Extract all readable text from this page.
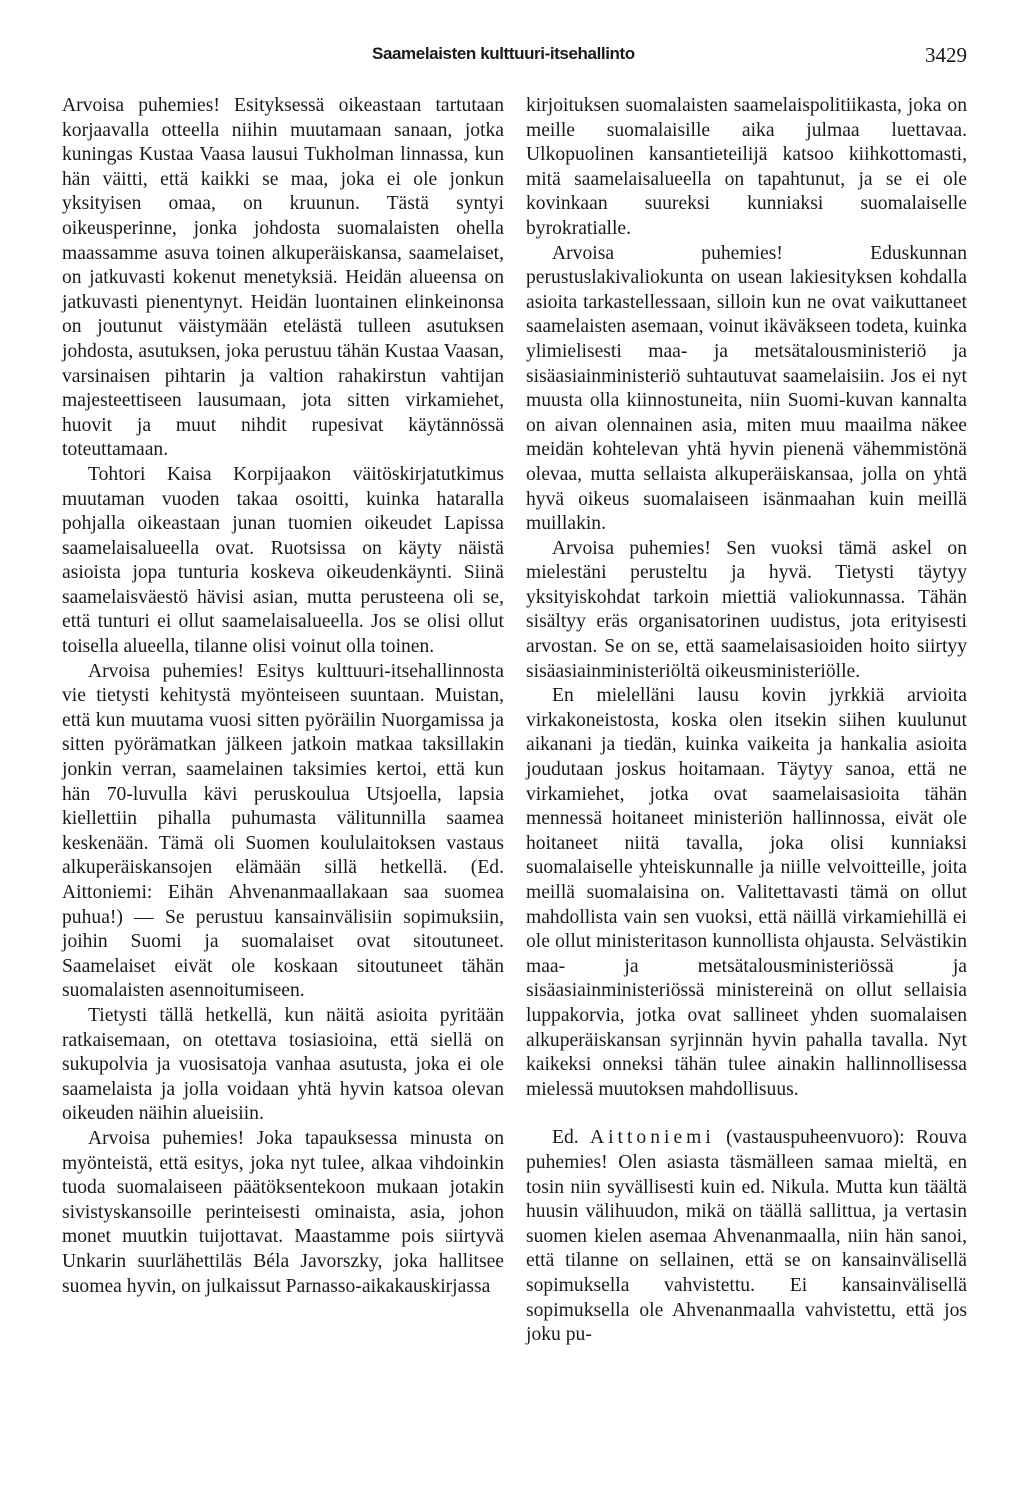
Saamelaisten kulttuuri-itsehallinto	3429

Arvoisa puhemies! Esityksessä oikeastaan tartutaan korjaavalla otteella niihin muutamaan sanaan, jotka kuningas Kustaa Vaasa lausui Tukholman linnassa, kun hän väitti, että kaikki se maa, joka ei ole jonkun yksityisen omaa, on kruunun. Tästä syntyi oikeusperinne, jonka johdosta suomalaisten ohella maassamme asuva toinen alkuperäiskansa, saamelaiset, on jatkuvasti kokenut menetyksiä. Heidän alueensa on jatkuvasti pienentynyt. Heidän luontainen elinkeinonsa on joutunut väistymään etelästä tulleen asutuksen johdosta, asutuksen, joka perustuu tähän Kustaa Vaasan, varsinaisen pihtarin ja valtion rahakirstun vahtijan majesteettiseen lausumaan, jota sitten virkamiehet, huovit ja muut nihdit rupesivat käytännössä toteuttamaan.

Tohtori Kaisa Korpijaakon väitöskirjatutkimus muutaman vuoden takaa osoitti, kuinka hataralla pohjalla oikeastaan junan tuomien oikeudet Lapissa saamelaisalueella ovat. Ruotsissa on käyty näistä asioista jopa tunturia koskeva oikeudenkäynti. Siinä saamelaisväestö hävisi asian, mutta perusteena oli se, että tunturi ei ollut saamelaisalueella. Jos se olisi ollut toisella alueella, tilanne olisi voinut olla toinen.

Arvoisa puhemies! Esitys kulttuuri-itsehallinnosta vie tietysti kehitystä myönteiseen suuntaan. Muistan, että kun muutama vuosi sitten pyöräilin Nuorgamissa ja sitten pyörämatkan jälkeen jatkoin matkaa taksillakin jonkin verran, saamelainen taksimies kertoi, että kun hän 70-luvulla kävi peruskoulua Utsjoella, lapsia kiellettiin pihalla puhumasta välitunnilla saamea keskenään. Tämä oli Suomen koululaitoksen vastaus alkuperäiskansojen elämään sillä hetkellä. (Ed. Aittoniemi: Eihän Ahvenanmaallakaan saa suomea puhua!) — Se perustuu kansainvälisiin sopimuksiin, joihin Suomi ja suomalaiset ovat sitoutuneet. Saamelaiset eivät ole koskaan sitoutuneet tähän suomalaisten asennoitumiseen.

Tietysti tällä hetkellä, kun näitä asioita pyritään ratkaisemaan, on otettava tosiasioina, että siellä on sukupolvia ja vuosisatoja vanhaa asutusta, joka ei ole saamelaista ja jolla voidaan yhtä hyvin katsoa olevan oikeuden näihin alueisiin.

Arvoisa puhemies! Joka tapauksessa minusta on myönteistä, että esitys, joka nyt tulee, alkaa vihdoinkin tuoda suomalaiseen päätöksentekoon mukaan jotakin sivistyskansoille perinteisesti ominaista, asia, johon monet muutkin tuijottavat. Maastamme pois siirtyvä Unkarin suurlähettiläs Béla Javorszky, joka hallitsee suomea hyvin, on julkaissut Parnasso-aikakauskirjassa

kirjoituksen suomalaisten saamelaispolitiikasta, joka on meille suomalaisille aika julmaa luettavaa. Ulkopuolinen kansantieteilijä katsoo kiihkottomasti, mitä saamelaisalueella on tapahtunut, ja se ei ole kovinkaan suureksi kunniaksi suomalaiselle byrokratialle.

Arvoisa puhemies! Eduskunnan perustuslakivaliokunta on usean lakiesityksen kohdalla asioita tarkastellessaan, silloin kun ne ovat vaikuttaneet saamelaisten asemaan, voinut ikäväkseen todeta, kuinka ylimielisesti maa- ja metsätalousministeriö ja sisäasiainministeriö suhtautuvat saamelaisiin. Jos ei nyt muusta olla kiinnostuneita, niin Suomi-kuvan kannalta on aivan olennainen asia, miten muu maailma näkee meidän kohtelevan yhtä hyvin pienenä vähemmistönä olevaa, mutta sellaista alkuperäiskansaa, jolla on yhtä hyvä oikeus suomalaiseen isänmaahan kuin meillä muillakin.

Arvoisa puhemies! Sen vuoksi tämä askel on mielestäni perusteltu ja hyvä. Tietysti täytyy yksityiskohdat tarkoin miettiä valiokunnassa. Tähän sisältyy eräs organisatorinen uudistus, jota erityisesti arvostan. Se on se, että saamelaisasioiden hoito siirtyy sisäasiainministeriöltä oikeusministeriölle.

En mielelläni lausu kovin jyrkkiä arvioita virkakoneistosta, koska olen itsekin siihen kuulunut aikanani ja tiedän, kuinka vaikeita ja hankalia asioita joudutaan joskus hoitamaan. Täytyy sanoa, että ne virkamiehet, jotka ovat saamelaisasioita tähän mennessä hoitaneet ministeriön hallinnossa, eivät ole hoitaneet niitä tavalla, joka olisi kunniaksi suomalaiselle yhteiskunnalle ja niille velvoitteille, joita meillä suomalaisina on. Valitettavasti tämä on ollut mahdollista vain sen vuoksi, että näillä virkamiehillä ei ole ollut ministeritason kunnollista ohjausta. Selvästikin maa- ja metsätalousministeriössä ja sisäasiainministeriössä ministereinä on ollut sellaisia luppakorvia, jotka ovat sallineet yhden suomalaisen alkuperäiskansan syrjinnän hyvin pahalla tavalla. Nyt kaikeksi onneksi tähän tulee ainakin hallinnollisessa mielessä muutoksen mahdollisuus.

Ed. Aittoniemi (vastauspuheenvuoro): Rouva puhemies! Olen asiasta täsmälleen samaa mieltä, en tosin niin syvällisesti kuin ed. Nikula. Mutta kun täältä huusin välihuudon, mikä on täällä sallittua, ja vertasin suomen kielen asemaa Ahvenanmaalla, niin hän sanoi, että tilanne on sellainen, että se on kansainvälisellä sopimuksella vahvistettu. Ei kansainvälisellä sopimuksella ole Ahvenanmaalla vahvistettu, että jos joku pu-
